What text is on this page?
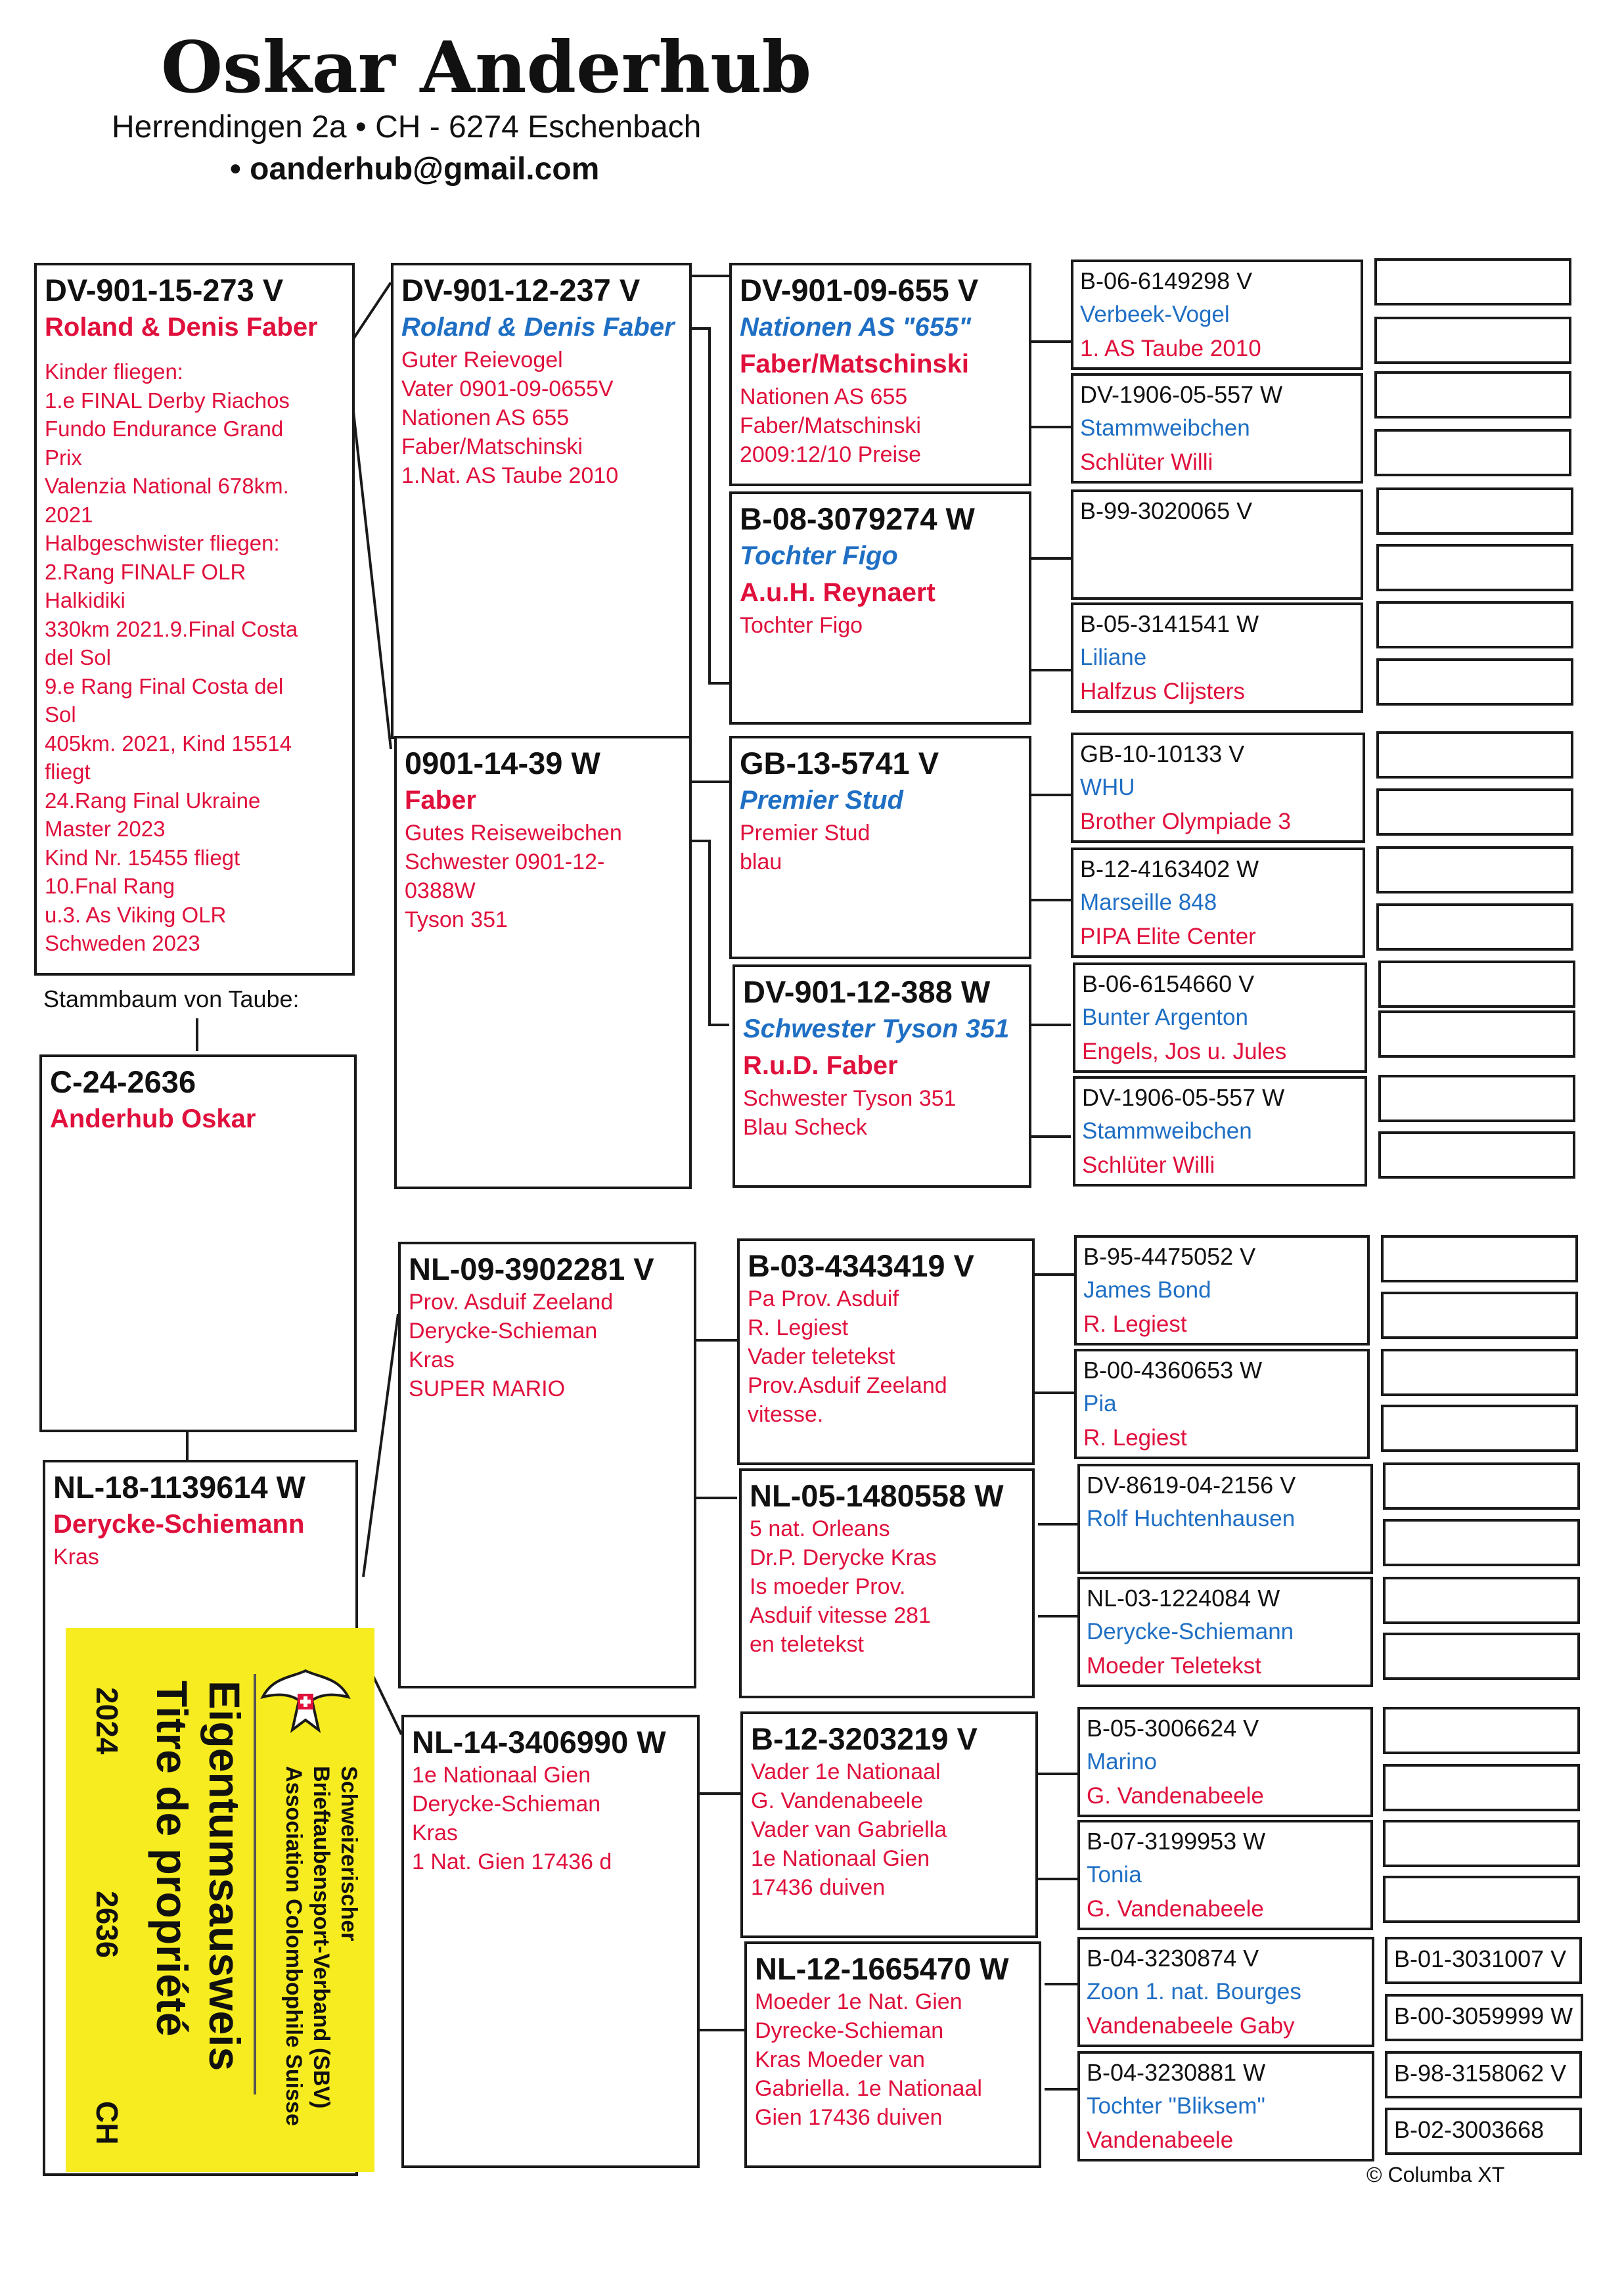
Oskar Anderhub
Herrendingen 2a • CH - 6274 Eschenbach
• oanderhub@gmail.com
DV-901-15-273 V
Roland & Denis Faber
Kinder fliegen:
1.e FINAL Derby Riachos
Fundo Endurance Grand
Prix
Valenzia National 678km.
2021
Halbgeschwister fliegen:
2.Rang FINALF OLR
Halkidiki
330km 2021.9.Final Costa
del Sol
9.e Rang Final Costa del
Sol
405km. 2021, Kind 15514
fliegt
24.Rang Final Ukraine
Master 2023
Kind Nr. 15455 fliegt
10.Fnal Rang
u.3. As Viking OLR
Schweden 2023
Stammbaum von Taube:
C-24-2636
Anderhub Oskar
NL-18-1139614 W
Derycke-Schiemann
Kras
DV-901-12-237 V
Roland & Denis Faber
Guter Reievogel
Vater 0901-09-0655V
Nationen AS 655
Faber/Matschinski
1.Nat. AS Taube 2010
0901-14-39 W
Faber
Gutes Reiseweibchen
Schwester 0901-12-
0388W
Tyson 351
NL-09-3902281 V
Prov. Asduif Zeeland
Derycke-Schieman
Kras
SUPER MARIO
NL-14-3406990 W
1e Nationaal Gien
Derycke-Schieman
Kras
1 Nat. Gien 17436 d
DV-901-09-655 V
Nationen AS "655"
Faber/Matschinski
Nationen AS 655
Faber/Matschinski
2009:12/10 Preise
B-08-3079274 W
Tochter Figo
A.u.H. Reynaert
Tochter Figo
GB-13-5741 V
Premier Stud
Premier Stud
blau
DV-901-12-388 W
Schwester Tyson 351
R.u.D. Faber
Schwester Tyson 351
Blau Scheck
B-03-4343419 V
Pa Prov. Asduif
R. Legiest
Vader teletekst
Prov.Asduif Zeeland
vitesse.
NL-05-1480558 W
5 nat. Orleans
Dr.P. Derycke Kras
Is moeder Prov.
Asduif vitesse 281
en teletekst
B-12-3203219 V
Vader 1e Nationaal
G. Vandenabeele
Vader van Gabriella
1e Nationaal Gien
17436 duiven
NL-12-1665470 W
Moeder 1e Nat. Gien
Dyrecke-Schieman
Kras Moeder van
Gabriella. 1e Nationaal
Gien 17436 duiven
B-06-6149298 V
Verbeek-Vogel
1. AS Taube 2010
DV-1906-05-557 W
Stammweibchen
Schlüter Willi
B-99-3020065 V
B-05-3141541 W
Liliane
Halfzus Clijsters
GB-10-10133 V
WHU
Brother Olympiade 3
B-12-4163402 W
Marseille 848
PIPA Elite Center
B-06-6154660 V
Bunter Argenton
Engels, Jos u. Jules
DV-1906-05-557 W
Stammweibchen
Schlüter Willi
B-95-4475052 V
James Bond
R. Legiest
B-00-4360653 W
Pia
R. Legiest
DV-8619-04-2156 V
Rolf Huchtenhausen
NL-03-1224084 W
Derycke-Schiemann
Moeder Teletekst
B-05-3006624 V
Marino
G. Vandenabeele
B-07-3199953 W
Tonia
G. Vandenabeele
B-04-3230874 V
Zoon 1. nat. Bourges
Vandenabeele Gaby
B-04-3230881 W
Tochter "Bliksem"
Vandenabeele
B-01-3031007 V
B-00-3059999 W
B-98-3158062 V
B-02-3003668
© Columba XT
Schweizerischer
Brieftaubensport-Verband (SBV)
Association Colombophile Suisse
Eigentumsausweis
Titre de propriété
2024
2636
CH
